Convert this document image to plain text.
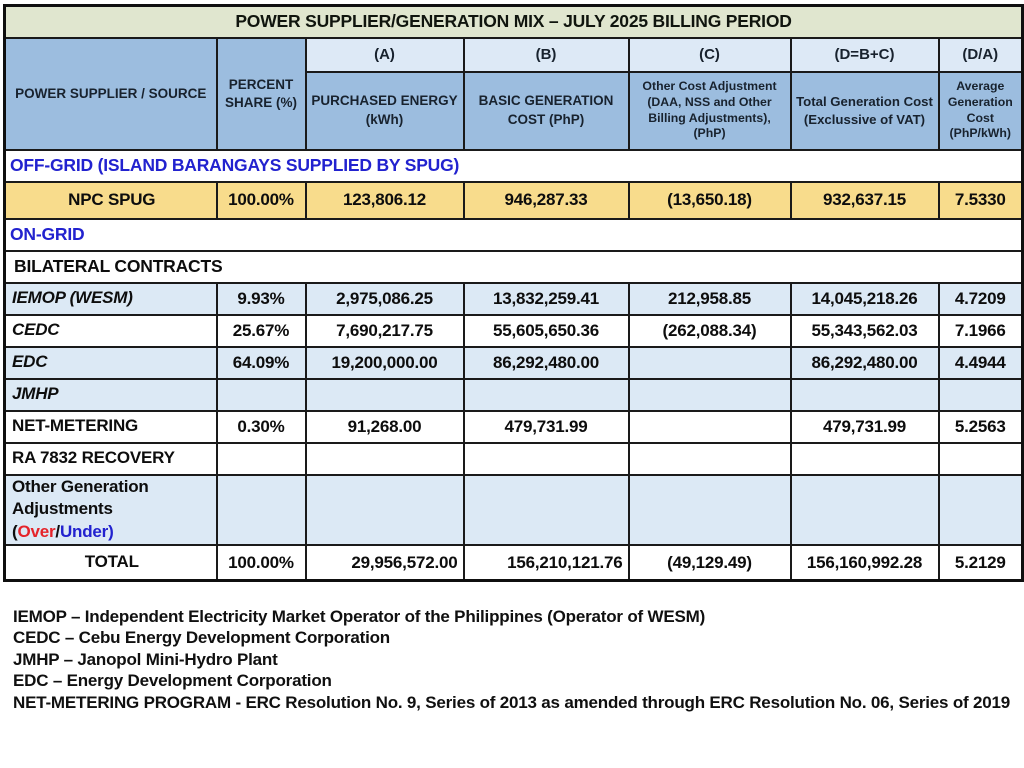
POWER SUPPLIER/GENERATION MIX – JULY 2025 BILLING PERIOD						
POWER SUPPLIER / SOURCE	PERCENT SHARE (%)	(A)	(B)	(C)	(D=B+C)	(D/A)
		PURCHASED ENERGY (kWh)	BASIC GENERATION COST (PhP)	Other Cost Adjustment (DAA, NSS and Other Billing Adjustments), (PhP)	Total Generation Cost (Exclussive of VAT)	Average Generation Cost (PhP/kWh)
OFF-GRID (ISLAND BARANGAYS SUPPLIED BY SPUG)						
NPC SPUG	100.00%	123,806.12	946,287.33	(13,650.18)	932,637.15	7.5330
ON-GRID						
BILATERAL CONTRACTS						
IEMOP (WESM)	9.93%	2,975,086.25	13,832,259.41	212,958.85	14,045,218.26	4.7209
CEDC	25.67%	7,690,217.75	55,605,650.36	(262,088.34)	55,343,562.03	7.1966
EDC	64.09%	19,200,000.00	86,292,480.00		86,292,480.00	4.4944
JMHP						
NET-METERING	0.30%	91,268.00	479,731.99		479,731.99	5.2563
RA 7832 RECOVERY						
Other Generation Adjustments
(Over/Under)						
TOTAL	100.00%	29,956,572.00	156,210,121.76	(49,129.49)	156,160,992.28	5.2129
IEMOP – Independent Electricity Market Operator of the Philippines (Operator of WESM)
CEDC – Cebu Energy Development Corporation
JMHP – Janopol Mini-Hydro Plant
EDC – Energy Development Corporation
NET-METERING PROGRAM - ERC Resolution No. 9, Series of 2013 as amended through ERC Resolution No. 06, Series of 2019
